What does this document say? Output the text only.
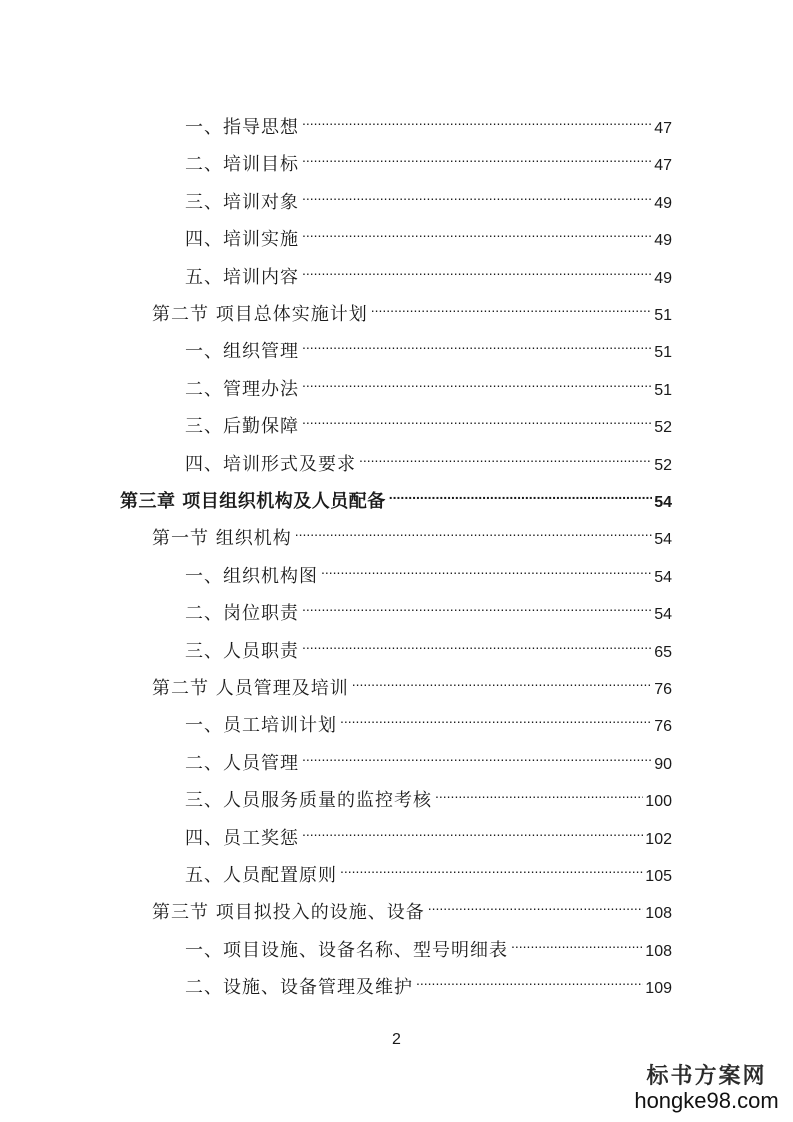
一、指导思想 .....	47
二、培训目标 .....	47
三、培训对象 .....	49
四、培训实施 .....	49
五、培训内容 .....	49
第二节 项目总体实施计划 .....	51
一、组织管理 .....	51
二、管理办法 .....	51
三、后勤保障 .....	52
四、培训形式及要求 .....	52
第三章 项目组织机构及人员配备 .....	54
第一节 组织机构 .....	54
一、组织机构图 .....	54
二、岗位职责 .....	54
三、人员职责 .....	65
第二节 人员管理及培训 .....	76
一、员工培训计划 .....	76
二、人员管理 .....	90
三、人员服务质量的监控考核 .....	100
四、员工奖惩 .....	102
五、人员配置原则 .....	105
第三节 项目拟投入的设施、设备 .....	108
一、项目设施、设备名称、型号明细表 .....	108
二、设施、设备管理及维护 .....	109
2
标书方案网
hongke98.com
